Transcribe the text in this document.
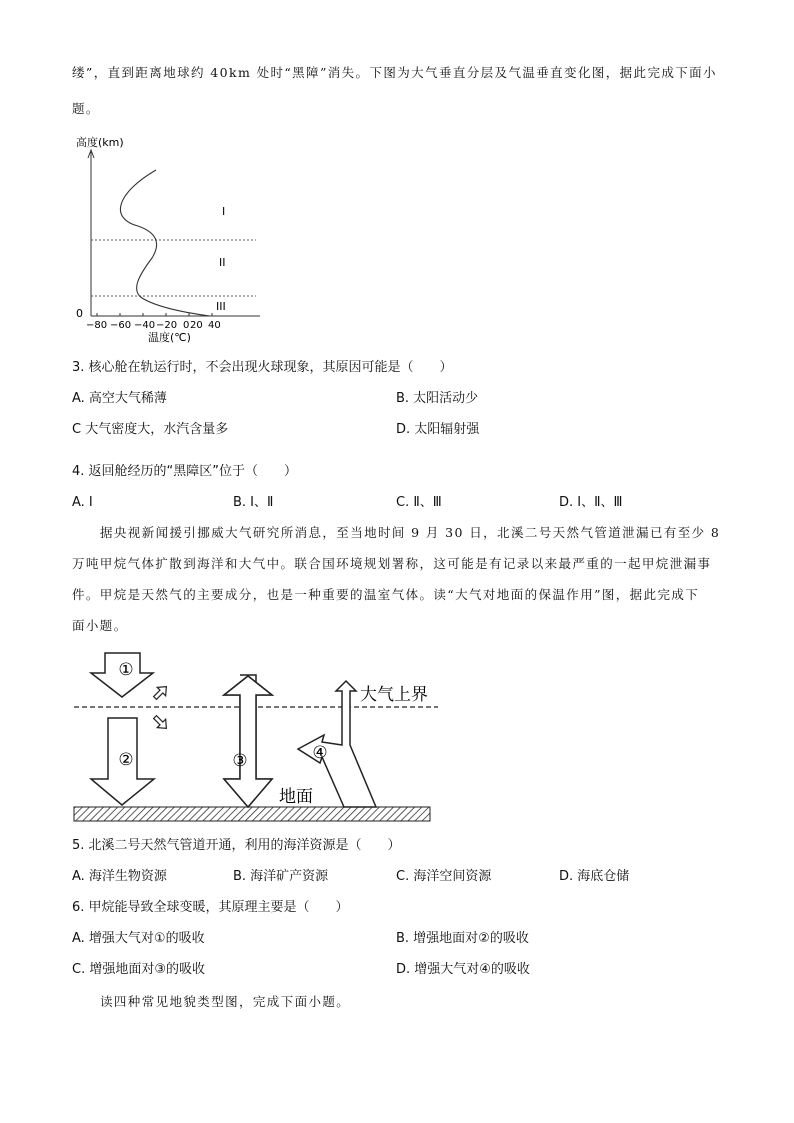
缕”，直到距离地球约 40km 处时“黑障”消失。下图为大气垂直分层及气温垂直变化图，据此完成下面小
题。
高度(km)
0
−80 −60 −40 −20 0 20 40
温度(℃)
I
II
III
3. 核心舱在轨运行时，不会出现火球现象，其原因可能是（　　）
A. 高空大气稀薄	B. 太阳活动少
C 大气密度大，水汽含量多	D. 太阳辐射强
4. 返回舱经历的“黑障区”位于（　　）
A. Ⅰ	B. Ⅰ、Ⅱ	C. Ⅱ、Ⅲ	D. Ⅰ、Ⅱ、Ⅲ
据央视新闻援引挪威大气研究所消息，至当地时间 9 月 30 日，北溪二号天然气管道泄漏已有至少 8
万吨甲烷气体扩散到海洋和大气中。联合国环境规划署称，这可能是有记录以来最严重的一起甲烷泄漏事
件。甲烷是天然气的主要成分，也是一种重要的温室气体。读“大气对地面的保温作用”图，据此完成下
面小题。
①
②	③	④
大气上界
地面
5. 北溪二号天然气管道开通，利用的海洋资源是（　　）
A. 海洋生物资源	B. 海洋矿产资源	C. 海洋空间资源	D. 海底仓储
6. 甲烷能导致全球变暖，其原理主要是（　　）
A. 增强大气对①的吸收	B. 增强地面对②的吸收
C. 增强地面对③的吸收	D. 增强大气对④的吸收
读四种常见地貌类型图，完成下面小题。
